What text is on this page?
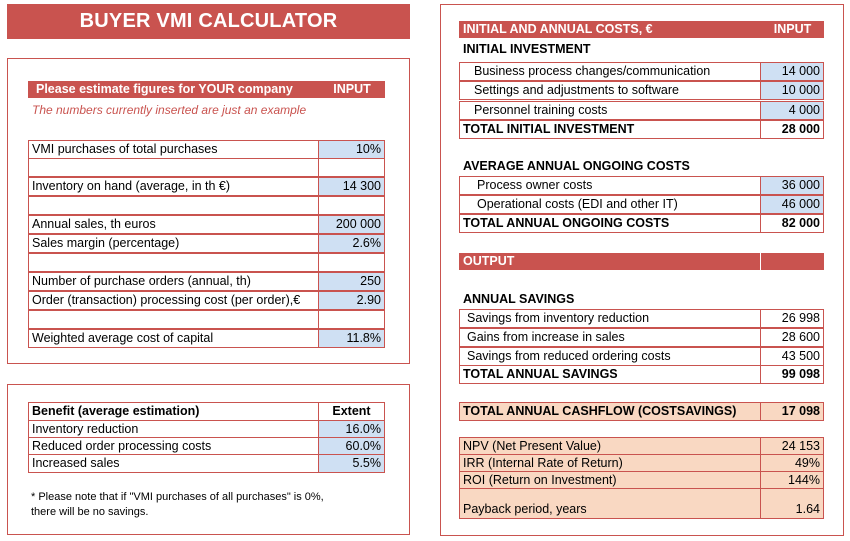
BUYER VMI CALCULATOR
Please estimate figures for YOUR company	INPUT
The numbers currently inserted are just an example
VMI purchases of total purchases	10%
Inventory on hand (average, in th €)	14 300
Annual sales, th euros	200 000
Sales margin (percentage)	2.6%
Number of purchase orders (annual, th)	250
Order (transaction) processing cost (per order),€	2.90
Weighted average cost of capital	11.8%
Benefit (average estimation)	Extent
Inventory reduction	16.0%
Reduced order processing costs	60.0%
Increased sales	5.5%
* Please note that if "VMI purchases of all purchases" is 0%,
there will be no savings.
INITIAL AND ANNUAL COSTS, €	INPUT
INITIAL INVESTMENT
Business process changes/communication	14 000
Settings and adjustments to software	10 000
Personnel training costs	4 000
TOTAL INITIAL INVESTMENT	28 000
AVERAGE ANNUAL ONGOING COSTS
Process owner costs	36 000
Operational costs (EDI and other IT)	46 000
TOTAL ANNUAL ONGOING COSTS	82 000
OUTPUT
ANNUAL SAVINGS
Savings from inventory reduction	26 998
Gains from increase in sales	28 600
Savings from reduced ordering costs	43 500
TOTAL ANNUAL SAVINGS	99 098
TOTAL ANNUAL CASHFLOW (COSTSAVINGS)	17 098
NPV (Net Present Value)	24 153
IRR (Internal Rate of Return)	49%
ROI (Return on Investment)	144%
Payback period, years	1.64
